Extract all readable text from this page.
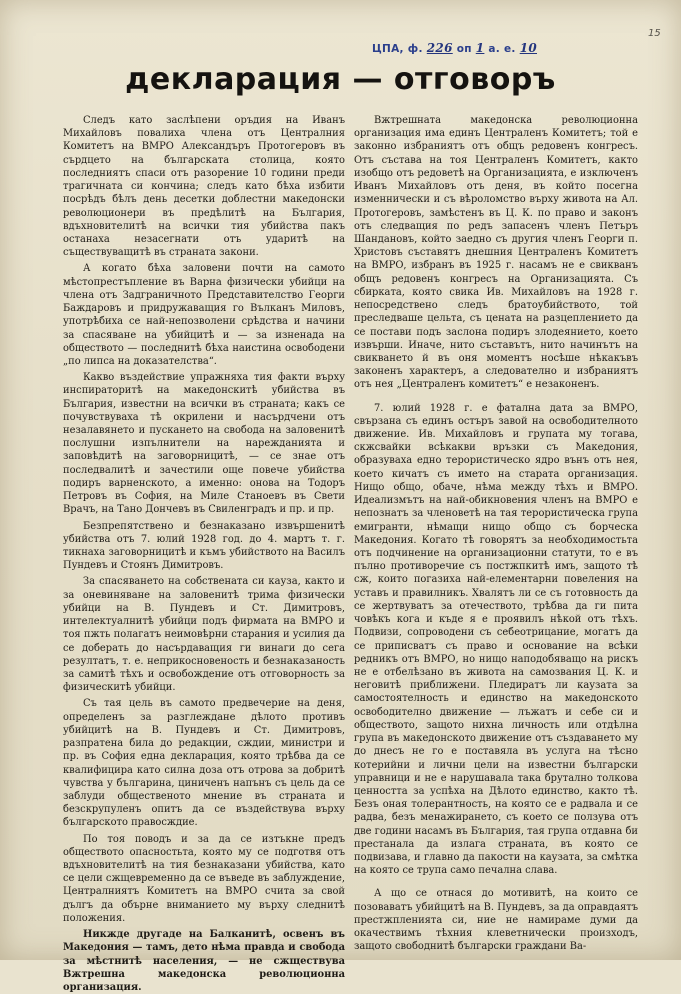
ЦПА, ф. 226 оп 1 а. е. 10
15
декларация — отговоръ

Следъ като заслѣпени оръдия на Иванъ Михайловъ повалиха члена отъ Централния Комитетъ на ВМРО Александъръ Протогеровъ въ сърдцето на българската столица, която последниятъ спаси отъ разорение 10 години преди трагичната си кончина; следъ като бѣха избити посрѣдъ бѣлъ день десетки доблестни македонски революционери въ предѣлитѣ на България, вдъхновителитѣ на всички тия убийства пакъ останаха незасегнати отъ ударитѣ на съществуващитѣ въ страната закони.

А когато бѣха заловени почти на самото мѣстопрестъпление въ Варна физически убийци на члена отъ Задграничното Представителство Георги Баждаровъ и придружаващия го Вълканъ Миловъ, употрѣбиха се най-непозволени срѣдства и начини за спасяване на убийцитѣ и — за изненада на обществото — последнитѣ бѣха наистина освободени „по липса на доказателства“.

Какво въздействие упражняха тия факти върху инспираторитѣ на македонскитѣ убийства въ България, известни на всички въ страната; какъ се почувствуваха тѣ окрилени и насърдчени отъ незалавянето и пускането на свобода на заловенитѣ послушни изпълнители на нарежданията и заповѣдитѣ на заговорницитѣ, — се знае отъ последвалитѣ и зачестили още повече убийства подиръ варненското, а именно: онова на Тодоръ Петровъ въ София, на Миле Станоевъ въ Свети Врачъ, на Тано Дончевъ въ Свиленградъ и пр. и пр.

Безпрепятствено и безнаказано извършенитѣ убийства отъ 7. юлий 1928 год. до 4. мартъ т. г. тикнаха заговорницитѣ и къмъ убийството на Василъ Пундевъ и Стоянъ Димитровъ.

За спасяването на собствената си кауза, както и за оневиняване на заловенитѣ трима физически убийци на В. Пундевъ и Ст. Димитровъ, интелектуалнитѣ убийци подъ фирмата на ВМРО и тоя пжть полагатъ неимовѣрни старания и усилия да се доберать до насърдаващия ги винаги до сега резултатъ, т. е. неприкосновеность и безнаказаность за самитѣ тѣхъ и освобождение отъ отговорность за физическитѣ убийци.

Съ тая цель въ самото предвечерие на деня, определенъ за разглеждане дѣлото противъ убийцитѣ на В. Пундевъ и Ст. Димитровъ, разпратена била до редакции, сждии, министри и пр. въ София една декларация, която трѣбва да се квалифицира като силна доза отъ отрова за добритѣ чувства у българина, циниченъ напънъ съ цель да се заблуди общественото мнение въ страната и безскрупуленъ опитъ да се въздействува върху българското правосждие.

По тоя поводъ и за да се изтъкне предъ обществото опасностьта, която му се подготвя отъ вдъхновителитѣ на тия безнаказани убийства, като се цели сжщевременно да се въведе въ заблуждение, Централниятъ Комитетъ на ВМРО счита за свой дългъ да обърне вниманието му върху следнитѣ положения.

Никжде другаде на Балканитѣ, освенъ въ Македония — тамъ, дето нѣма правда и свобода за мѣстнитѣ населения, — не сжществува Вжтрешна македонска революционна организация.

Вжтрешната македонска революционна организация има единъ Централенъ Комитетъ; той е законно избраниятъ отъ общъ редовенъ конгресъ. Отъ състава на тоя Централенъ Комитетъ, както изобщо отъ редоветѣ на Организацията, е изключенъ Иванъ Михайловъ отъ деня, въ който посегна изменнически и съ вѣроломство върху живота на Ал. Протогеровъ, замѣстенъ въ Ц. К. по право и законъ отъ следващия по редъ запасенъ членъ Петъръ Шандановъ, който заедно съ другия членъ Георги п. Христовъ съставятъ днешния Централенъ Комитетъ на ВМРО, избранъ въ 1925 г. насамъ не е свикванъ общъ редовенъ конгресъ на Организацията. Съ сбирката, която свика Ив. Михайловъ на 1928 г. непосредствено следъ братоубийството, той преследваше цельта, съ цената на разцеплението да се постави подъ заслона подиръ злодеянието, което извърши. Иначе, нито съставътъ, нито начинътъ на свикването й въ оня моментъ носѣше нѣкакъвъ законенъ характеръ, а следователно и избраниятъ отъ нея „Централенъ комитетъ“ е незаконенъ.

7. юлий 1928 г. е фатална дата за ВМРО, свързана съ единъ остъръ завой на освободителното движение. Ив. Михайловъ и групата му тогава, скжсвайки всѣкакви връзки съ Македония, образуваха едно терористическо ядро вънъ отъ нея, което кичатъ съ името на старата организация. Нищо общо, обаче, нѣма между тѣхъ и ВМРО. Идеализмътъ на най-обикновения членъ на ВМРО е непознатъ за членоветѣ на тая терористическа група емигранти, нѣмащи нищо общо съ борческа Македония. Когато тѣ говорятъ за необходимостьта отъ подчинение на организационни статути, то е въ пълно противоречие съ постжпкитѣ имъ, защото тѣ сж, които погазиха най-елементарни повеления на уставъ и правилникъ. Хвалятъ ли се съ готовность да се жертвуватъ за отечеството, трѣбва да ги пита човѣкъ кога и къде я е проявилъ нѣкой отъ тѣхъ. Подвизи, сопроводени съ себеотрицание, могатъ да се приписватъ съ право и основание на всѣки редникъ отъ ВМРО, но нищо наподобяващо на рискъ не е отбелѣзано въ живота на самозвания Ц. К. и неговитѣ приближени. Пледиратъ ли каузата за самостоятелность и единство на македонското освободително движение — лъжатъ и себе си и обществото, защото нихна личность или отдѣлна група въ македонското движение отъ създаването му до днесъ не го е поставяла въ услуга на тѣсно котерийни и лични цели на известни български управници и не е нарушавала така брутално толкова ценността за успѣха на Дѣлото единство, както тѣ. Безъ оная толерантность, на която се е радвала и се радва, безъ менажирането, съ което се ползува отъ две години насамъ въ България, тая група отдавна би престанала да излага страната, въ която се подвизава, и главно да пакости на каузата, за смѣтка на която се трупа само печална слава.

А що се отнася до мотивитѣ, на които се позоваватъ убийцитѣ на В. Пундевъ, за да оправдаятъ престжпленията си, ние не намираме думи да окачествимъ тѣхния клеветнически произходъ, защото свободнитѣ български граждани Ва-
